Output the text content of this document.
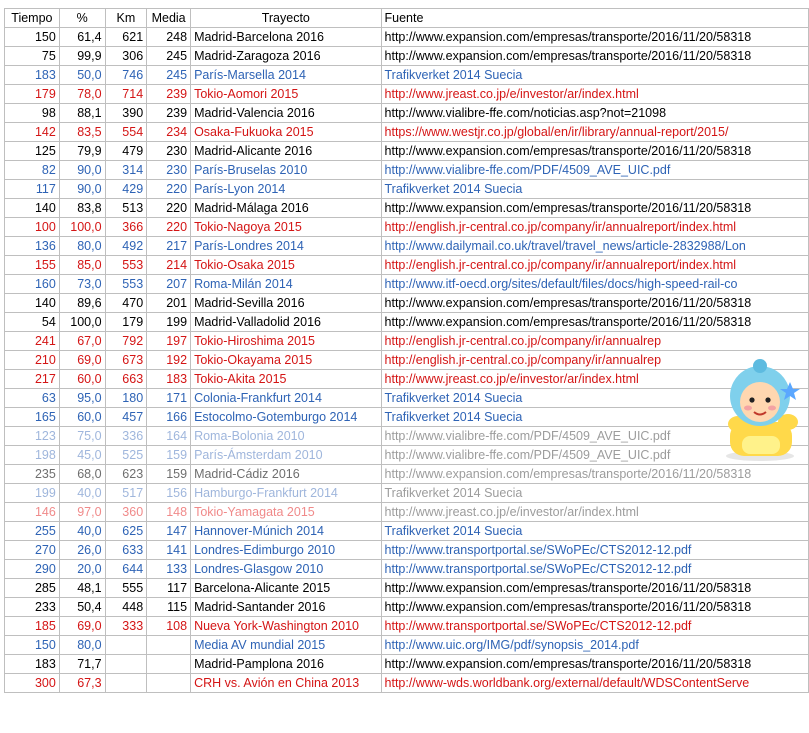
Tiempo	%	Km	Media	Trayecto	Fuente
150	61,4	621	248	Madrid-Barcelona 2016	http://www.expansion.com/empresas/transporte/2016/11/20/58318
75	99,9	306	245	Madrid-Zaragoza 2016	http://www.expansion.com/empresas/transporte/2016/11/20/58318
183	50,0	746	245	París-Marsella 2014	Trafikverket 2014 Suecia
179	78,0	714	239	Tokio-Aomori 2015	http://www.jreast.co.jp/e/investor/ar/index.html
98	88,1	390	239	Madrid-Valencia 2016	http://www.vialibre-ffe.com/noticias.asp?not=21098
142	83,5	554	234	Osaka-Fukuoka 2015	https://www.westjr.co.jp/global/en/ir/library/annual-report/2015/
125	79,9	479	230	Madrid-Alicante 2016	http://www.expansion.com/empresas/transporte/2016/11/20/58318
82	90,0	314	230	París-Bruselas 2010	http://www.vialibre-ffe.com/PDF/4509_AVE_UIC.pdf
117	90,0	429	220	París-Lyon 2014	Trafikverket 2014 Suecia
140	83,8	513	220	Madrid-Málaga 2016	http://www.expansion.com/empresas/transporte/2016/11/20/58318
100	100,0	366	220	Tokio-Nagoya 2015	http://english.jr-central.co.jp/company/ir/annualreport/index.html
136	80,0	492	217	París-Londres 2014	http://www.dailymail.co.uk/travel/travel_news/article-2832988/Lon
155	85,0	553	214	Tokio-Osaka 2015	http://english.jr-central.co.jp/company/ir/annualreport/index.html
160	73,0	553	207	Roma-Milán 2014	http://www.itf-oecd.org/sites/default/files/docs/high-speed-rail-co
140	89,6	470	201	Madrid-Sevilla 2016	http://www.expansion.com/empresas/transporte/2016/11/20/58318
54	100,0	179	199	Madrid-Valladolid 2016	http://www.expansion.com/empresas/transporte/2016/11/20/58318
241	67,0	792	197	Tokio-Hiroshima 2015	http://english.jr-central.co.jp/company/ir/annualrep
210	69,0	673	192	Tokio-Okayama 2015	http://english.jr-central.co.jp/company/ir/annualrep
217	60,0	663	183	Tokio-Akita 2015	http://www.jreast.co.jp/e/investor/ar/index.html
63	95,0	180	171	Colonia-Frankfurt 2014	Trafikverket 2014 Suecia
165	60,0	457	166	Estocolmo-Gotemburgo 2014	Trafikverket 2014 Suecia
123	75,0	336	164	Roma-Bolonia 2010	http://www.vialibre-ffe.com/PDF/4509_AVE_UIC.pdf
198	45,0	525	159	París-Ámsterdam 2010	http://www.vialibre-ffe.com/PDF/4509_AVE_UIC.pdf
235	68,0	623	159	Madrid-Cádiz 2016	http://www.expansion.com/empresas/transporte/2016/11/20/58318
199	40,0	517	156	Hamburgo-Frankfurt 2014	Trafikverket 2014 Suecia
146	97,0	360	148	Tokio-Yamagata 2015	http://www.jreast.co.jp/e/investor/ar/index.html
255	40,0	625	147	Hannover-Múnich 2014	Trafikverket 2014 Suecia
270	26,0	633	141	Londres-Edimburgo 2010	http://www.transportportal.se/SWoPEc/CTS2012-12.pdf
290	20,0	644	133	Londres-Glasgow 2010	http://www.transportportal.se/SWoPEc/CTS2012-12.pdf
285	48,1	555	117	Barcelona-Alicante 2015	http://www.expansion.com/empresas/transporte/2016/11/20/58318
233	50,4	448	115	Madrid-Santander 2016	http://www.expansion.com/empresas/transporte/2016/11/20/58318
185	69,0	333	108	Nueva York-Washington 2010	http://www.transportportal.se/SWoPEc/CTS2012-12.pdf
150	80,0			Media AV mundial 2015	http://www.uic.org/IMG/pdf/synopsis_2014.pdf
183	71,7			Madrid-Pamplona 2016	http://www.expansion.com/empresas/transporte/2016/11/20/58318
300	67,3			CRH vs. Avión en China 2013	http://www-wds.worldbank.org/external/default/WDSContentServe
